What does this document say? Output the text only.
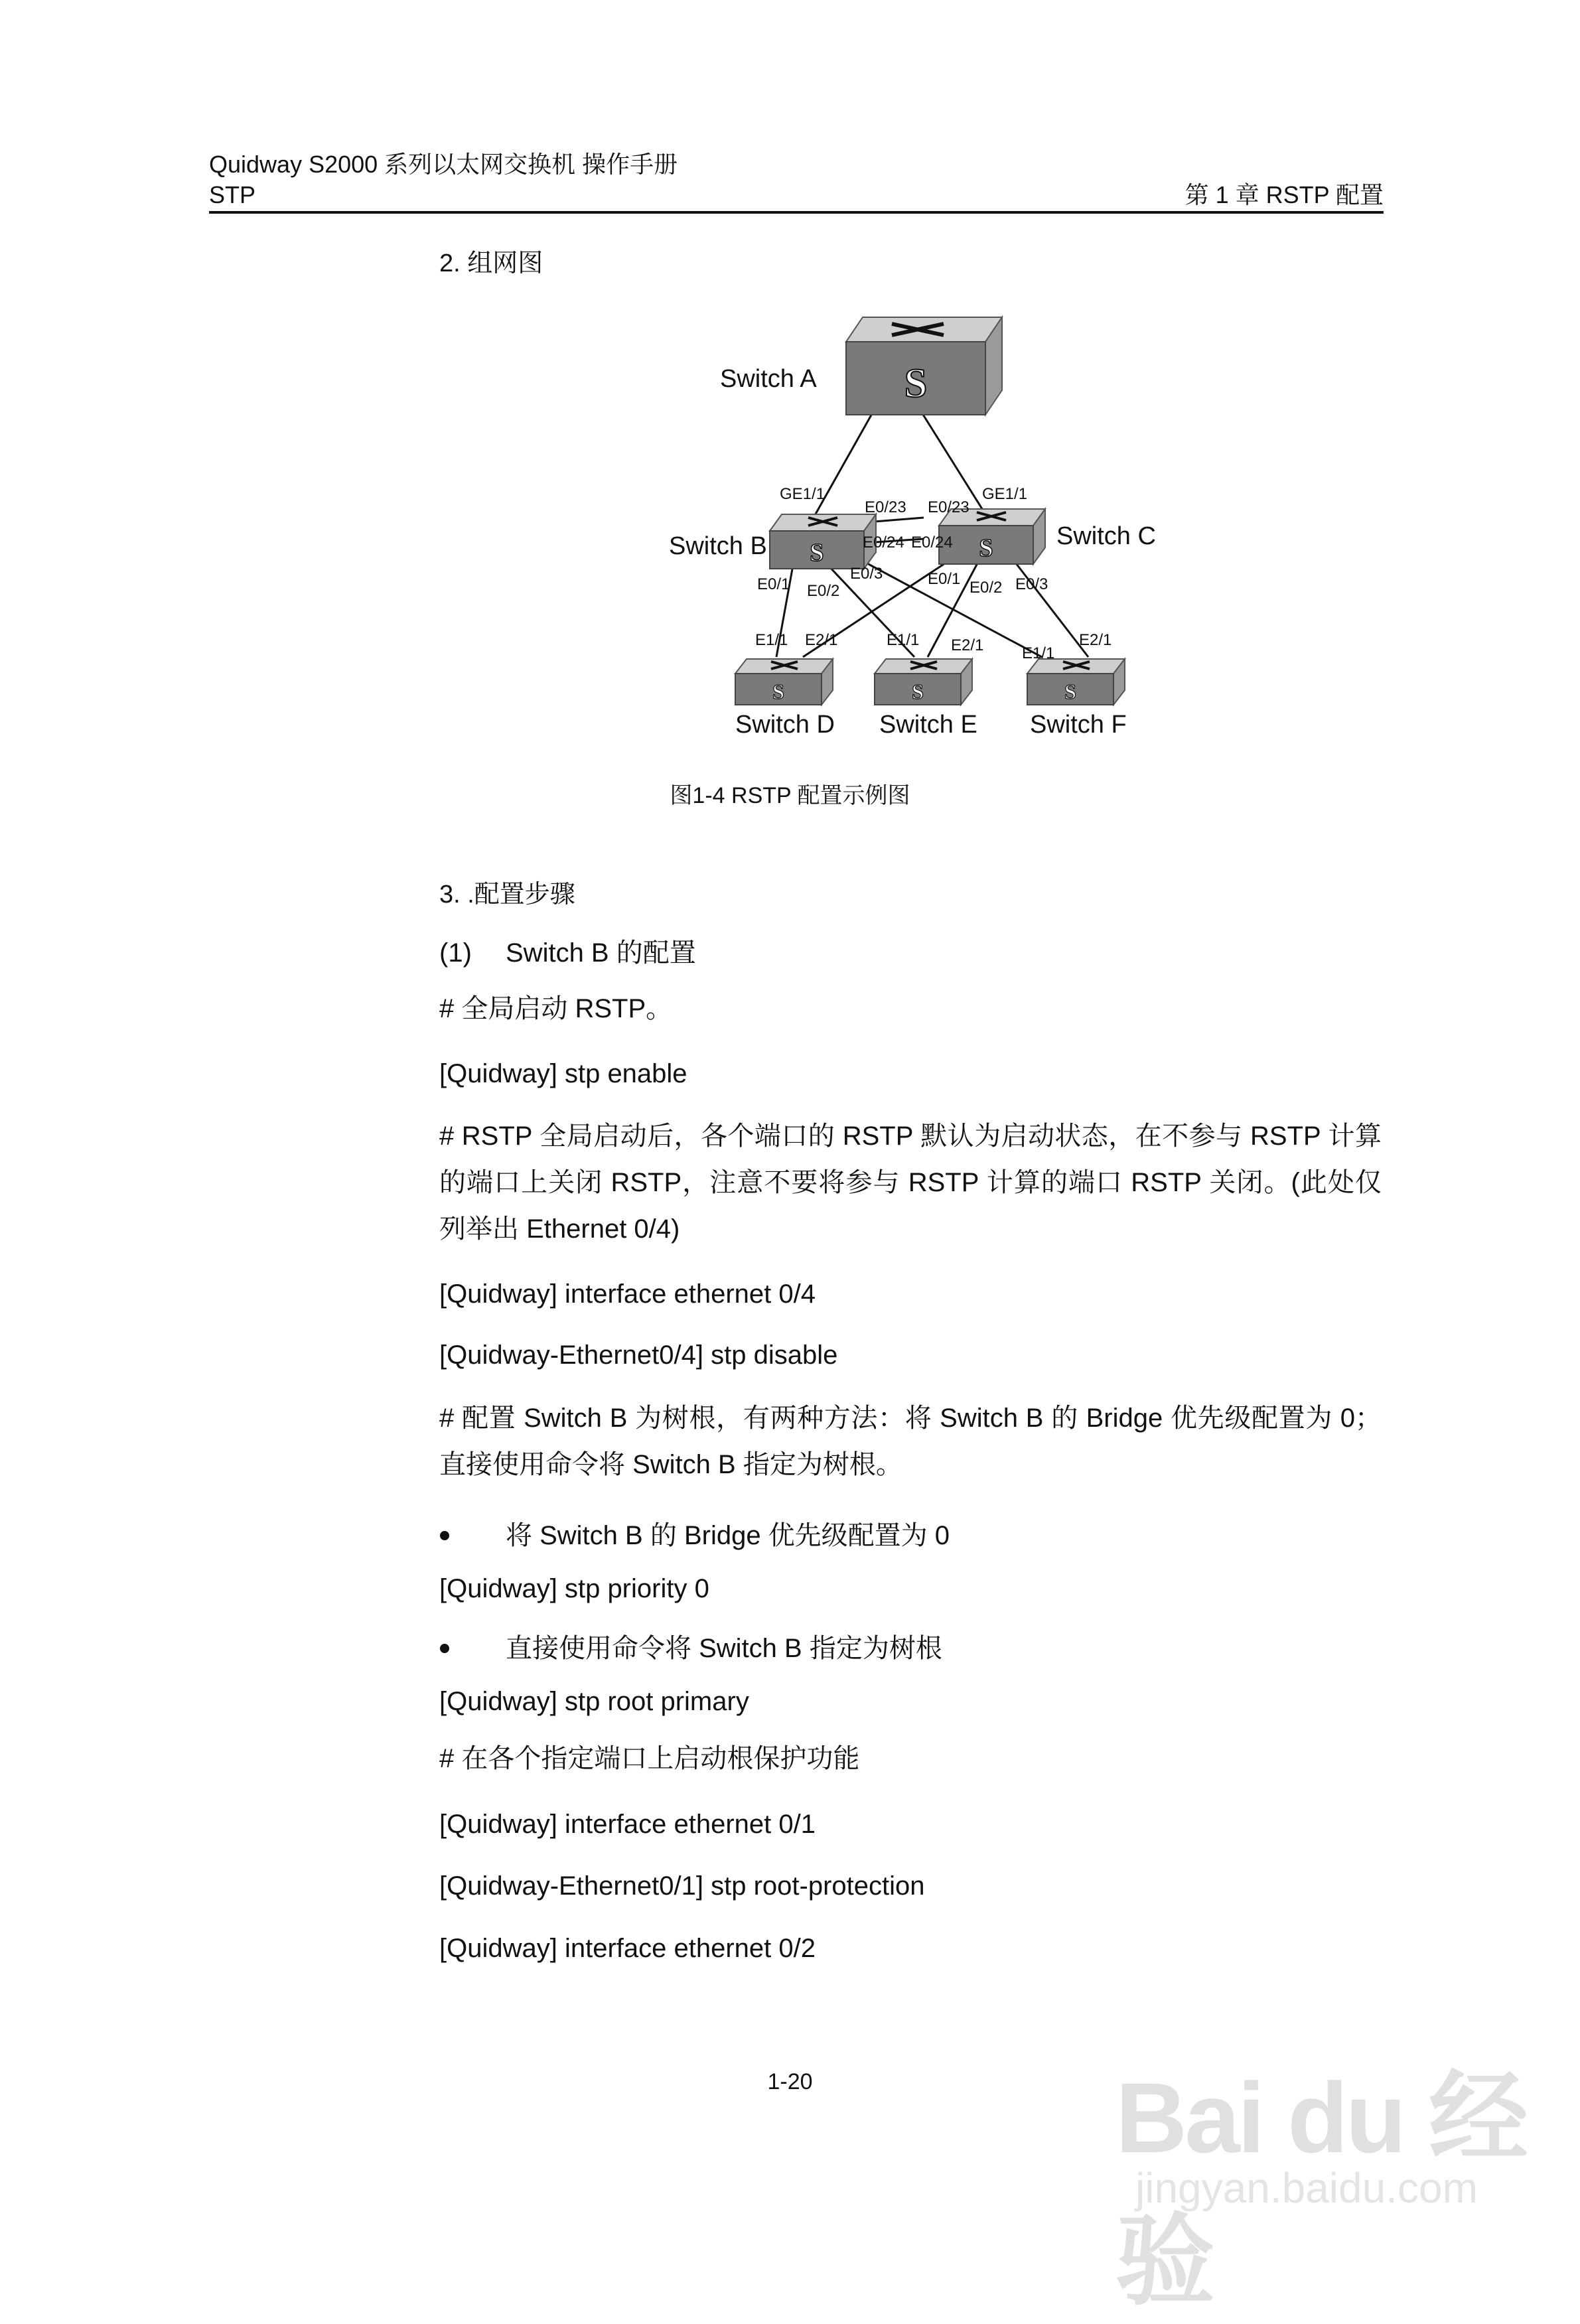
Quidway S2000 系列以太网交换机 操作手册
STP	第 1 章 RSTP 配置
2. 组网图
S
S	S
S	S	S
Switch A
Switch B	Switch C
Switch D Switch E Switch F
GE1/1	GE1/1
E0/23 E0/23
E0/24 E0/24
E0/1 E0/2
E0/3	E0/1 E0/2 E0/3
E1/1 E2/1	E1/1 E2/1 E1/1
E2/1
图1-4 RSTP 配置示例图
3. .配置步骤
(1) Switch B 的配置
# 全局启动 RSTP。
[Quidway] stp enable
# RSTP 全局启动后，各个端口的 RSTP 默认为启动状态，在不参与 RSTP 计算的端口上关闭 RSTP，注意不要将参与 RSTP 计算的端口 RSTP 关闭。(此处仅列举出 Ethernet 0/4)
[Quidway] interface ethernet 0/4
[Quidway-Ethernet0/4] stp disable
# 配置 Switch B 为树根，有两种方法：将 Switch B 的 Bridge 优先级配置为 0；直接使用命令将 Switch B 指定为树根。
将 Switch B 的 Bridge 优先级配置为 0
[Quidway] stp priority 0
直接使用命令将 Switch B 指定为树根
[Quidway] stp root primary
# 在各个指定端口上启动根保护功能
[Quidway] interface ethernet 0/1
[Quidway-Ethernet0/1] stp root-protection
[Quidway] interface ethernet 0/2
1-20	Bai du 经验
jingyan.baidu.com
